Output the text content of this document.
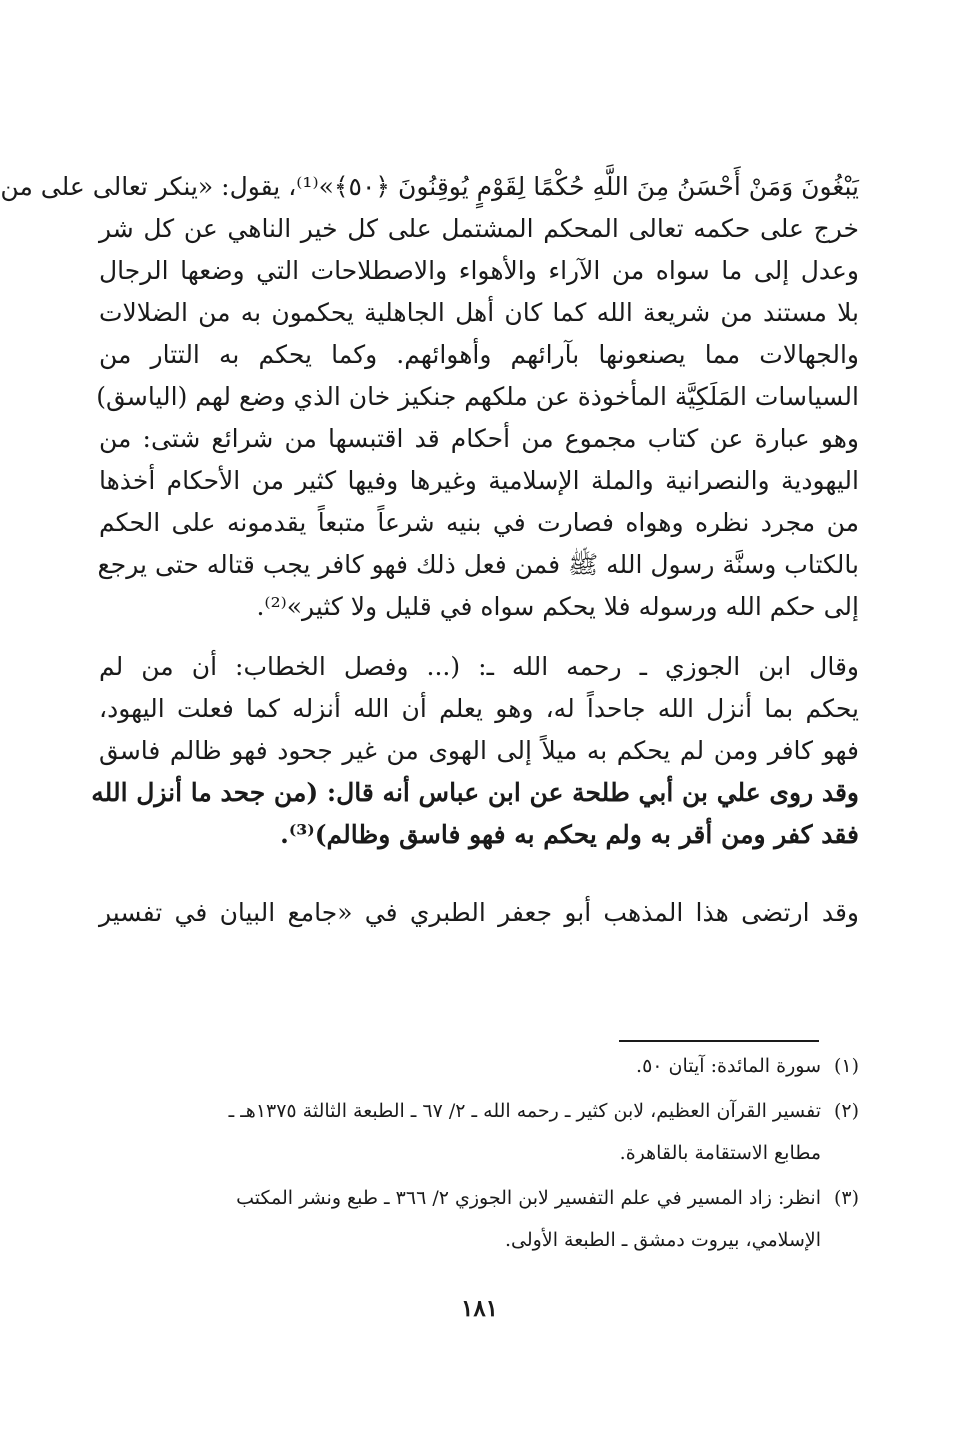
يَبْغُونَ وَمَنْ أَحْسَنُ مِنَ اللَّهِ حُكْمًا لِقَوْمٍ يُوقِنُونَ ﴿٥٠﴾»⁽¹⁾، يقول: «ينكر تعالى على من
خرج على حكمه تعالى المحكم المشتمل على كل خير الناهي عن كل شر
وعدل إلى ما سواه من الآراء والأهواء والاصطلاحات التي وضعها الرجال
بلا مستند من شريعة الله كما كان أهل الجاهلية يحكمون به من الضلالات
والجهالات مما يصنعونها بآرائهم وأهوائهم. وكما يحكم به التتار من
السياسات المَلَكِيَّة المأخوذة عن ملكهم جنكيز خان الذي وضع لهم (الياسق)
وهو عبارة عن كتاب مجموع من أحكام قد اقتبسها من شرائع شتى: من
اليهودية والنصرانية والملة الإسلامية وغيرها وفيها كثير من الأحكام أخذها
من مجرد نظره وهواه فصارت في بنيه شرعاً متبعاً يقدمونه على الحكم
بالكتاب وسنَّة رسول الله ﷺ فمن فعل ذلك فهو كافر يجب قتاله حتى يرجع
إلى حكم الله ورسوله فلا يحكم سواه في قليل ولا كثير»⁽²⁾.
وقال ابن الجوزي ـ رحمه الله ـ: (... وفصل الخطاب: أن من لم
يحكم بما أنزل الله جاحداً له، وهو يعلم أن الله أنزله كما فعلت اليهود،
فهو كافر ومن لم يحكم به ميلاً إلى الهوى من غير جحود فهو ظالم فاسق
وقد روى علي بن أبي طلحة عن ابن عباس أنه قال: (من جحد ما أنزل الله
فقد كفر ومن أقر به ولم يحكم به فهو فاسق وظالم)⁽³⁾.
وقد ارتضى هذا المذهب أبو جعفر الطبري في «جامع البيان في تفسير
(١)سورة المائدة: آيتان ٥٠.
(٢)تفسير القرآن العظيم، لابن كثير ـ رحمه الله ـ ٢/ ٦٧ ـ الطبعة الثالثة ١٣٧٥هـ ـ
مطابع الاستقامة بالقاهرة.
(٣)انظر: زاد المسير في علم التفسير لابن الجوزي ٢/ ٣٦٦ ـ طبع ونشر المكتب
الإسلامي، بيروت دمشق ـ الطبعة الأولى.
١٨١
